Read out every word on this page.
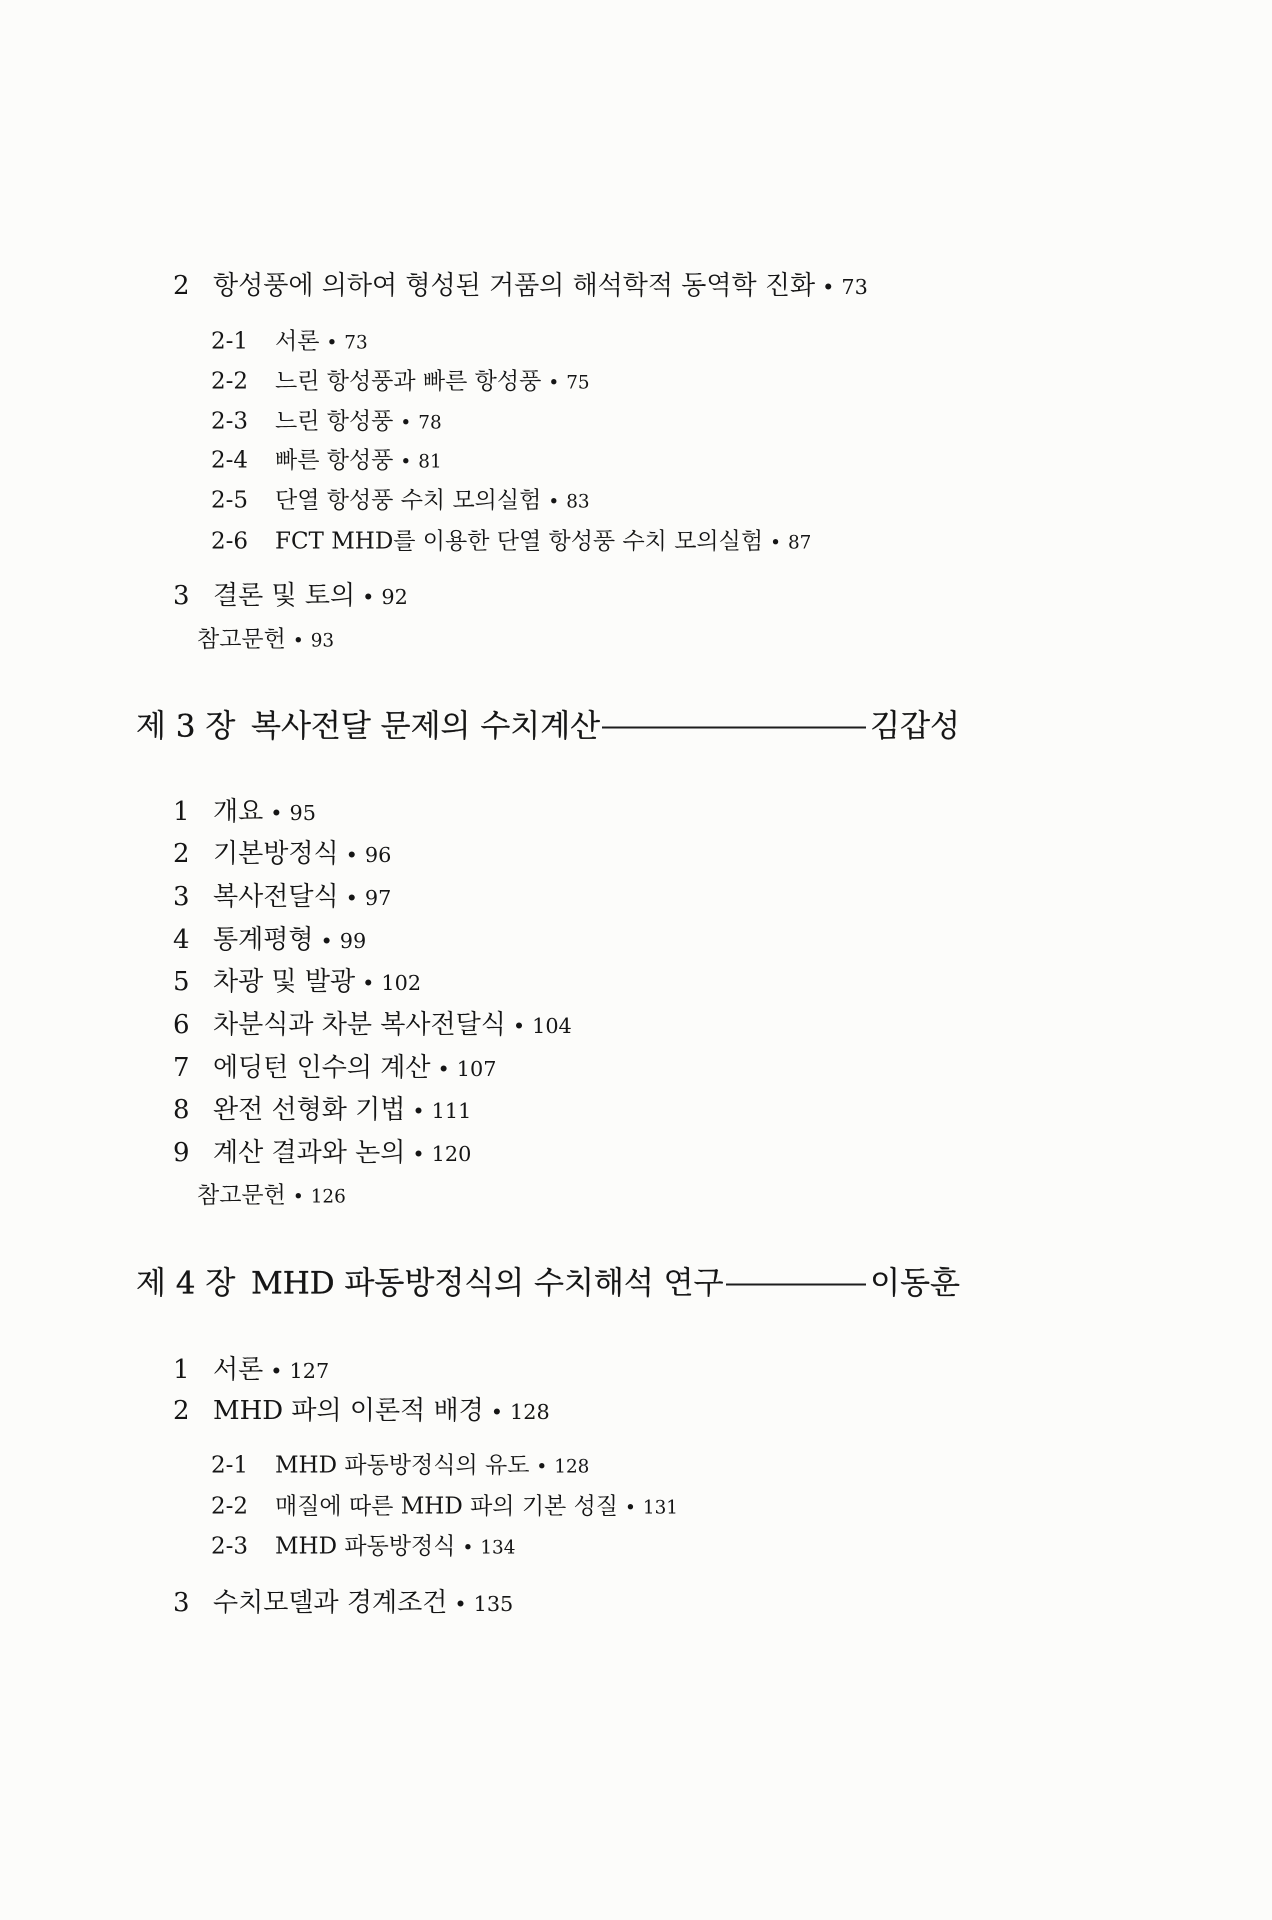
2 항성풍에 의하여 형성된 거품의 해석학적 동역학 진화 • 73
2-1	서론 • 73
2-2	느린 항성풍과 빠른 항성풍 • 75
2-3	느린 항성풍 • 78
2-4	빠른 항성풍 • 81
2-5	단열 항성풍 수치 모의실험 • 83
2-6	FCT MHD를 이용한 단열 항성풍 수치 모의실험 • 87
3 결론 및 토의 • 92
참고문헌 • 93
제 3 장 복사전달 문제의 수치계산	김갑성
1 개요 • 95
2 기본방정식 • 96
3 복사전달식 • 97
4 통계평형 • 99
5 차광 및 발광 • 102
6 차분식과 차분 복사전달식 • 104
7 에딩턴 인수의 계산 • 107
8 완전 선형화 기법 • 111
9 계산 결과와 논의 • 120
참고문헌 • 126
제 4 장 MHD 파동방정식의 수치해석 연구	이동훈
1 서론 • 127
2 MHD 파의 이론적 배경 • 128
2-1	MHD 파동방정식의 유도 • 128
2-2	매질에 따른 MHD 파의 기본 성질 • 131
2-3	MHD 파동방정식 • 134
3 수치모델과 경계조건 • 135
